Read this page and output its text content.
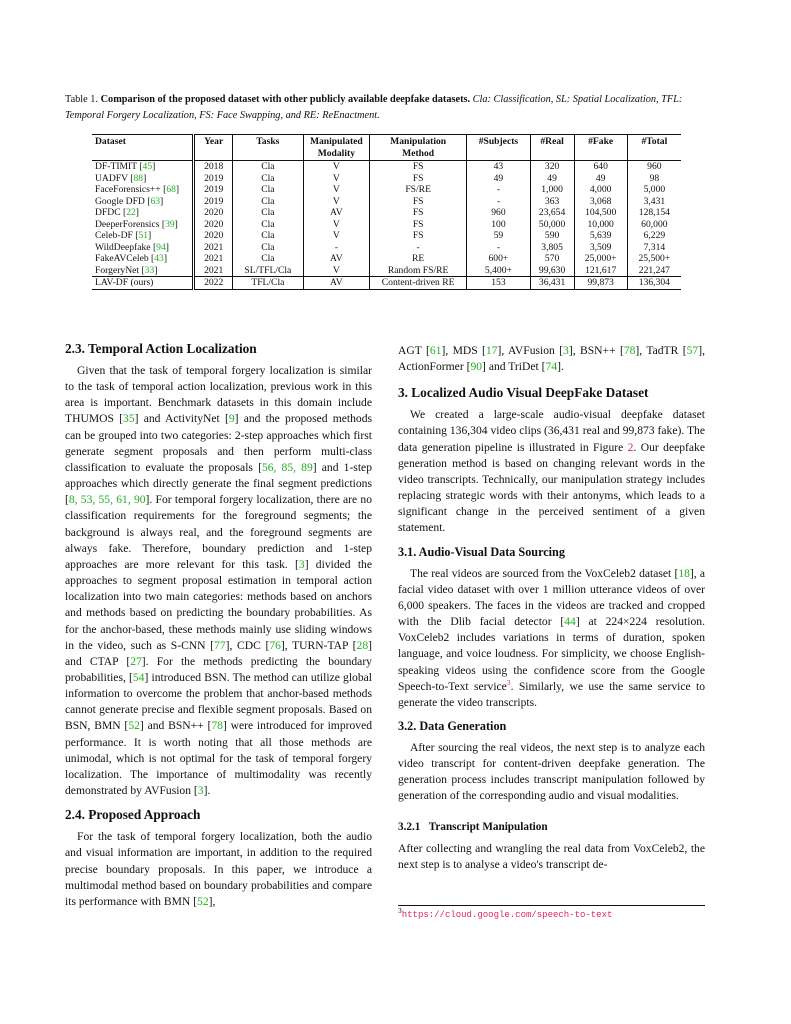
Table 1. Comparison of the proposed dataset with other publicly available deepfake datasets. Cla: Classification, SL: Spatial Localization, TFL: Temporal Forgery Localization, FS: Face Swapping, and RE: ReEnactment.
Dataset	Year	Tasks	Manipulated Modality	Manipulation Method	#Subjects	#Real	#Fake	#Total
DF-TIMIT [45]	2018	Cla	V	FS	43	320	640	960
UADFV [88]	2019	Cla	V	FS	49	49	49	98
FaceForensics++ [68]	2019	Cla	V	FS/RE	-	1,000	4,000	5,000
Google DFD [63]	2019	Cla	V	FS	-	363	3,068	3,431
DFDC [22]	2020	Cla	AV	FS	960	23,654	104,500	128,154
DeeperForensics [39]	2020	Cla	V	FS	100	50,000	10,000	60,000
Celeb-DF [51]	2020	Cla	V	FS	59	590	5,639	6,229
WildDeepfake [94]	2021	Cla	-	-	-	3,805	3,509	7,314
FakeAVCeleb [43]	2021	Cla	AV	RE	600+	570	25,000+	25,500+
ForgeryNet [33]	2021	SL/TFL/Cla	V	Random FS/RE	5,400+	99,630	121,617	221,247
LAV-DF (ours)	2022	TFL/Cla	AV	Content-driven RE	153	36,431	99,873	136,304
2.3. Temporal Action Localization

Given that the task of temporal forgery localization is similar to the task of temporal action localization, previous work in this area is important. Benchmark datasets in this domain include THUMOS [35] and ActivityNet [9] and the proposed methods can be grouped into two categories: 2-step approaches which first generate segment proposals and then perform multi-class classification to evaluate the proposals [56, 85, 89] and 1-step approaches which directly generate the final segment predictions [8, 53, 55, 61, 90]. For temporal forgery localization, there are no classification requirements for the foreground segments; the background is always real, and the foreground segments are always fake. Therefore, boundary prediction and 1-step approaches are more relevant for this task. [3] divided the approaches to segment proposal estimation in temporal action localization into two main categories: methods based on anchors and methods based on predicting the boundary probabilities. As for the anchor-based, these methods mainly use sliding windows in the video, such as S-CNN [77], CDC [76], TURN-TAP [28] and CTAP [27]. For the methods predicting the boundary probabilities, [54] introduced BSN. The method can utilize global information to overcome the problem that anchor-based methods cannot generate precise and flexible segment proposals. Based on BSN, BMN [52] and BSN++ [78] were introduced for improved performance. It is worth noting that all those methods are unimodal, which is not optimal for the task of temporal forgery localization. The importance of multimodality was recently demonstrated by AVFusion [3].

2.4. Proposed Approach

For the task of temporal forgery localization, both the audio and visual information are important, in addition to the required precise boundary proposals. In this paper, we introduce a multimodal method based on boundary probabilities and compare its performance with BMN [52],

AGT [61], MDS [17], AVFusion [3], BSN++ [78], TadTR [57], ActionFormer [90] and TriDet [74].

3. Localized Audio Visual DeepFake Dataset

We created a large-scale audio-visual deepfake dataset containing 136,304 video clips (36,431 real and 99,873 fake). The data generation pipeline is illustrated in Figure 2. Our deepfake generation method is based on changing relevant words in the video transcripts. Technically, our manipulation strategy includes replacing strategic words with their antonyms, which leads to a significant change in the perceived sentiment of a given statement.

3.1. Audio-Visual Data Sourcing

The real videos are sourced from the VoxCeleb2 dataset [18], a facial video dataset with over 1 million utterance videos of over 6,000 speakers. The faces in the videos are tracked and cropped with the Dlib facial detector [44] at 224×224 resolution. VoxCeleb2 includes variations in terms of duration, spoken language, and voice loudness. For simplicity, we choose English-speaking videos using the confidence score from the Google Speech-to-Text service$^3$. Similarly, we use the same service to generate the video transcripts.

3.2. Data Generation

After sourcing the real videos, the next step is to analyze each video transcript for content-driven deepfake generation. The generation process includes transcript manipulation followed by generation of the corresponding audio and visual modalities.

3.2.1 Transcript Manipulation

After collecting and wrangling the real data from VoxCeleb2, the next step is to analyse a video's transcript de-

$^3$https://cloud.google.com/speech-to-text
